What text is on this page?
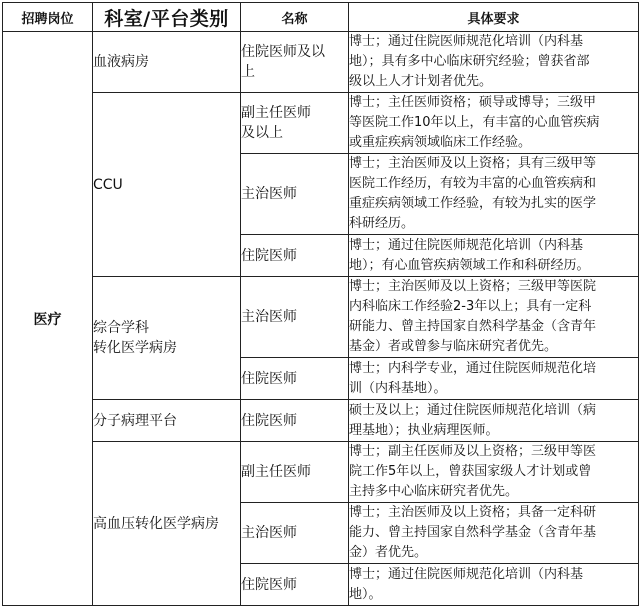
招聘岗位	科室/平台类别	名称	具体要求
医疗	血液病房	住院医师及以
上	博士；通过住院医师规范化培训（内科基
地）；具有多中心临床研究经验；曾获省部
级以上人才计划者优先。

	CCU	副主任医师
及以上	博士；主任医师资格；硕导或博导；三级甲
等医院工作10年以上，有丰富的心血管疾病
或重症疾病领域临床工作经验。

		主治医师	博士；主治医师及以上资格；具有三级甲等
医院工作经历，有较为丰富的心血管疾病和
重症疾病领域工作经验，有较为扎实的医学
科研经历。

		住院医师	博士；通过住院医师规范化培训（内科基
地）；有心血管疾病领域工作和科研经历。

	综合学科
转化医学病房	主治医师	博士；主治医师及以上资格；三级甲等医院
内科临床工作经验2-3年以上；具有一定科
研能力、曾主持国家自然科学基金（含青年
基金）者或曾参与临床研究者优先。

		住院医师	博士；内科学专业，通过住院医师规范化培
训（内科基地）。

	分子病理平台	住院医师	硕士及以上；通过住院医师规范化培训（病
理基地）；执业病理医师。

	高血压转化医学病房	副主任医师	博士；副主任医师及以上资格；三级甲等医
院工作5年以上，曾获国家级人才计划或曾
主持多中心临床研究者优先。

		主治医师	博士；主治医师及以上资格；具备一定科研
能力、曾主持国家自然科学基金（含青年基
金）者优先。

		住院医师	博士；通过住院医师规范化培训（内科基
地）。
